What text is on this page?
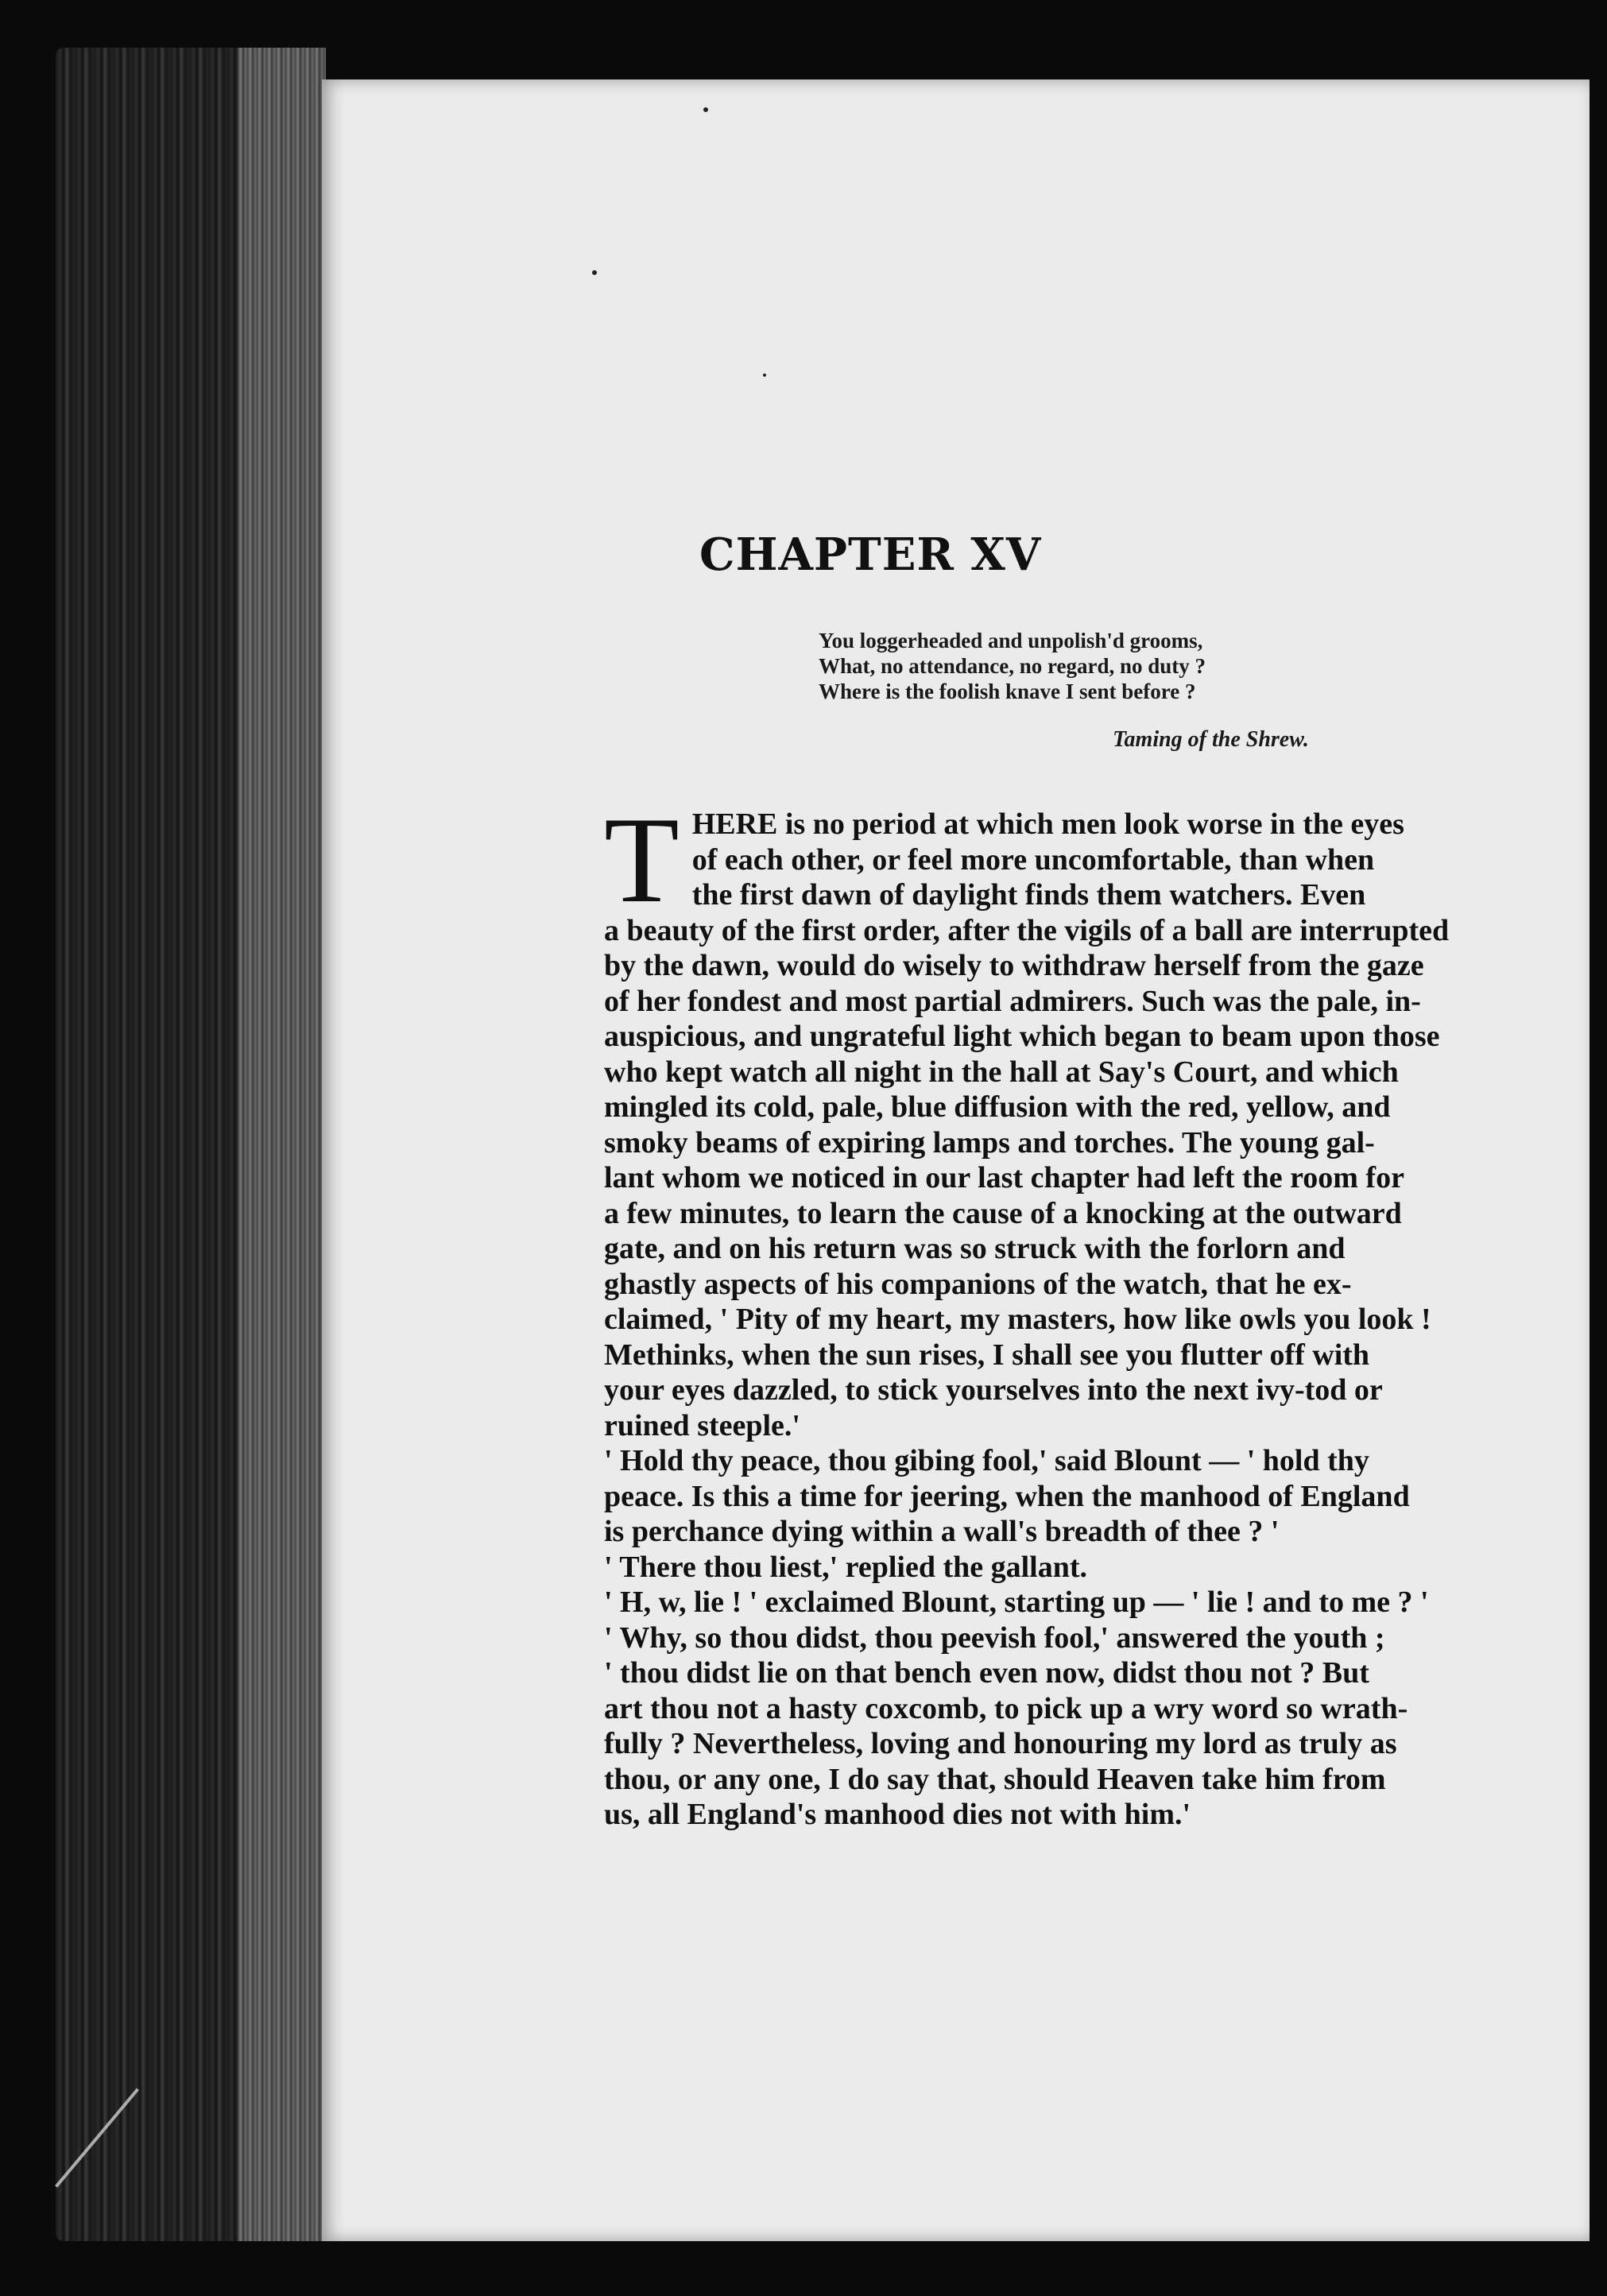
CHAPTER XV
You loggerheaded and unpolish'd grooms,
What, no attendance, no regard, no duty ?
Where is the foolish knave I sent before ?
Taming of the Shrew.
T HERE is no period at which men look worse in the eyes
of each other, or feel more uncomfortable, than when
the first dawn of daylight finds them watchers. Even
a beauty of the first order, after the vigils of a ball are interrupted
by the dawn, would do wisely to withdraw herself from the gaze
of her fondest and most partial admirers. Such was the pale, in-
auspicious, and ungrateful light which began to beam upon those
who kept watch all night in the hall at Say's Court, and which
mingled its cold, pale, blue diffusion with the red, yellow, and
smoky beams of expiring lamps and torches. The young gal-
lant whom we noticed in our last chapter had left the room for
a few minutes, to learn the cause of a knocking at the outward
gate, and on his return was so struck with the forlorn and
ghastly aspects of his companions of the watch, that he ex-
claimed, ' Pity of my heart, my masters, how like owls you look !
Methinks, when the sun rises, I shall see you flutter off with
your eyes dazzled, to stick yourselves into the next ivy-tod or
ruined steeple.'
' Hold thy peace, thou gibing fool,' said Blount — ' hold thy
peace. Is this a time for jeering, when the manhood of England
is perchance dying within a wall's breadth of thee ? '
' There thou liest,' replied the gallant.
' H, w, lie ! ' exclaimed Blount, starting up — ' lie ! and to me ? '
' Why, so thou didst, thou peevish fool,' answered the youth ;
' thou didst lie on that bench even now, didst thou not ? But
art thou not a hasty coxcomb, to pick up a wry word so wrath-
fully ? Nevertheless, loving and honouring my lord as truly as
thou, or any one, I do say that, should Heaven take him from
us, all England's manhood dies not with him.'
